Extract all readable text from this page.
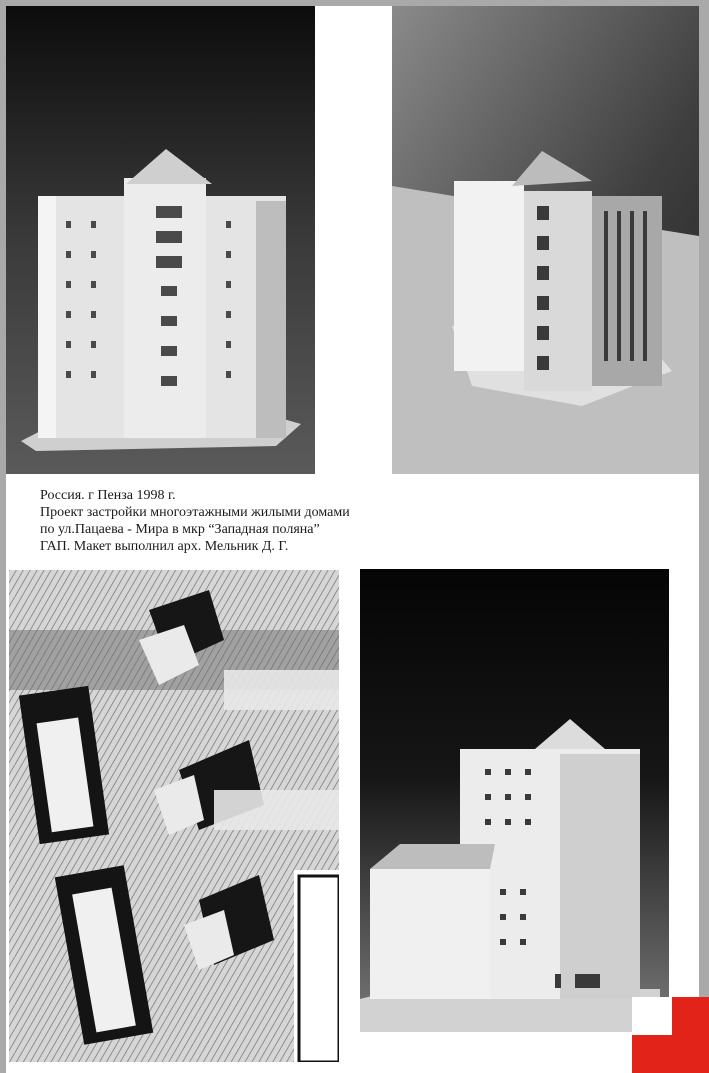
Россия. г Пенза 1998 г.
Проект застройки многоэтажными жилыми домами
по ул.Пацаева - Мира в мкр “Западная поляна”
ГАП. Макет выполнил арх. Мельник Д. Г.
